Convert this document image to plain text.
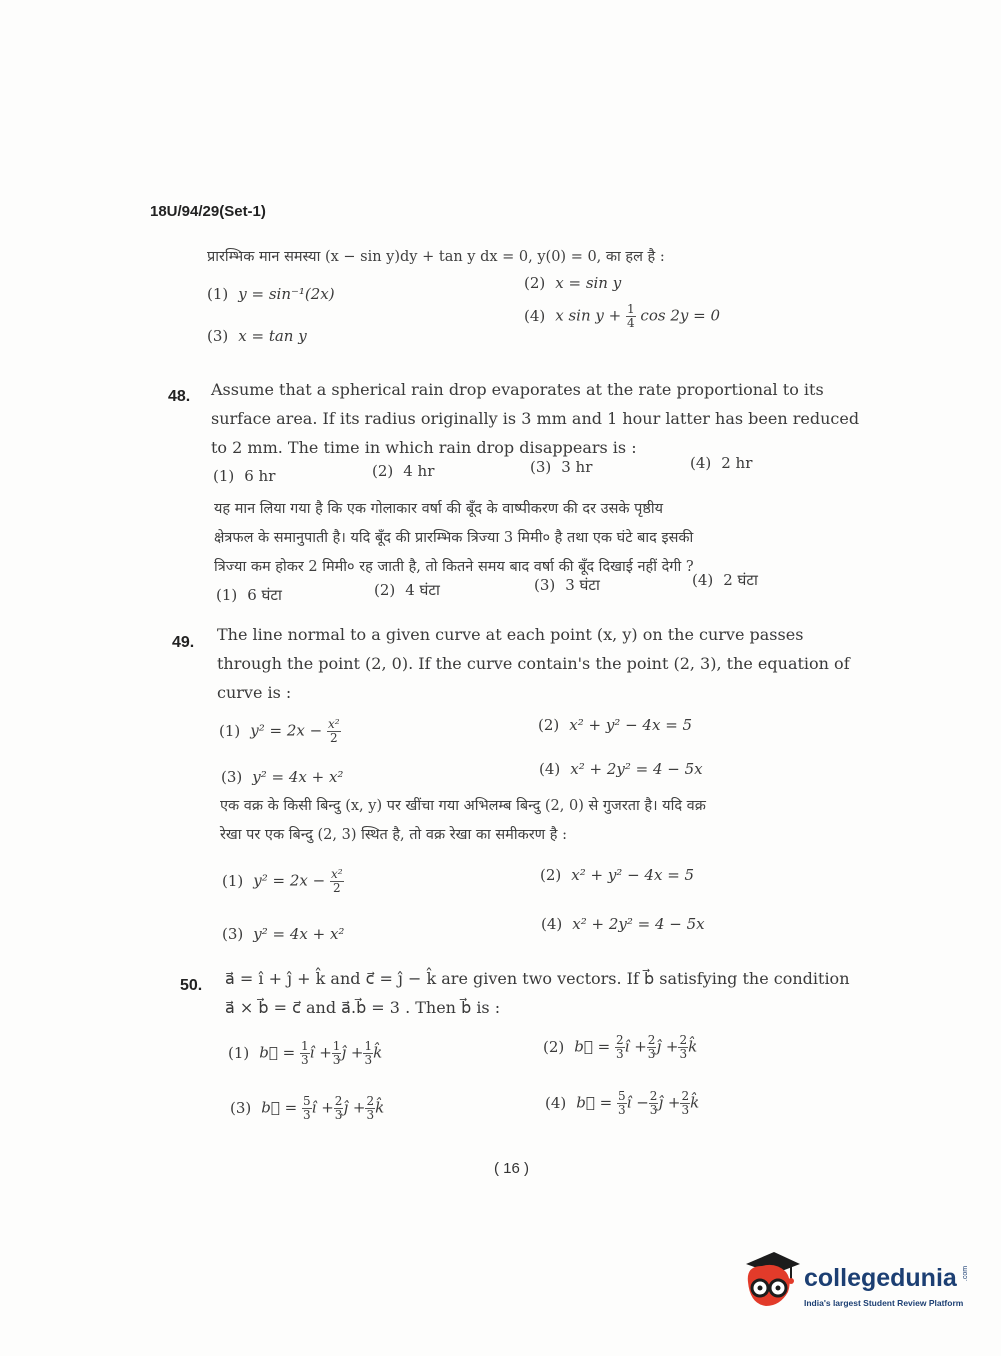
18U/94/29(Set-1)
प्रारम्भिक मान समस्या (x − sin y)dy + tan y dx = 0, y(0) = 0, का हल है :
(1) y = sin⁻¹(2x)
(2) x = sin y
(3) x = tan y
(4) x $\sin y + \frac{1}{4}$ cos 2y = 0
48. Assume that a spherical rain drop evaporates at the rate proportional to its
surface area. If its radius originally is 3 mm and 1 hour latter has been reduced
to 2 mm. The time in which rain drop disappears is :
(1) 6 hr	(2) 4 hr	(3) 3 hr	(4) 2 hr
यह मान लिया गया है कि एक गोलाकार वर्षा की बूँद के वाष्पीकरण की दर उसके पृष्ठीय
क्षेत्रफल के समानुपाती है। यदि बूँद की प्रारम्भिक त्रिज्या 3 मिमी० है तथा एक घंटे बाद इसकी
त्रिज्या कम होकर 2 मिमी० रह जाती है, तो कितने समय बाद वर्षा की बूँद दिखाई नहीं देगी ?
(1) 6 घंटा	(2) 4 घंटा	(3) 3 घंटा	(4) 2 घंटा
49. The line normal to a given curve at each point (x, y) on the curve passes
through the point (2, 0). If the curve contain's the point (2, 3), the equation of
curve is :
(1) $y^2 = 2x - \frac{\text{x²}}{2}$	(2) x² + y² − 4x = 5
(3) y² = 4x + x²	(4) x² + 2y² = 4 − 5x
एक वक्र के किसी बिन्दु (x, y) पर खींचा गया अभिलम्ब बिन्दु (2, 0) से गुजरता है। यदि वक्र
रेखा पर एक बिन्दु (2, 3) स्थित है, तो वक्र रेखा का समीकरण है :
(1) $y^2 = 2x - \frac{\text{x²}}{2}$	(2) x² + y² − 4x = 5
(3) y² = 4x + x²
(4) x² + 2y² = 4 − 5x
50. a⃗ = î + ĵ + k̂ and c⃗ = ĵ − k̂ are given two vectors. If b⃗ satisfying the condition
a⃗ × b⃗ = c⃗ and a⃗.b⃗ = 3 . Then b⃗ is :
(1) b⃗ = $\frac{1}{3}$ î + $\frac{1}{3}$ ĵ + $\frac{1}{3}$ k̂	(2) b⃗ = $\frac{2}{3}$ î + $\frac{2}{3}$ ĵ + $\frac{2}{3}$ k̂
(3) b⃗ = $\frac{5}{3}$ î + $\frac{2}{3}$ ĵ + $\frac{2}{3}$ k̂	(4) b⃗ = $\frac{5}{3}$ î − $\frac{2}{3}$ ĵ + $\frac{2}{3}$ k̂
( 16 )
collegedunia .com
India's largest Student Review Platform
